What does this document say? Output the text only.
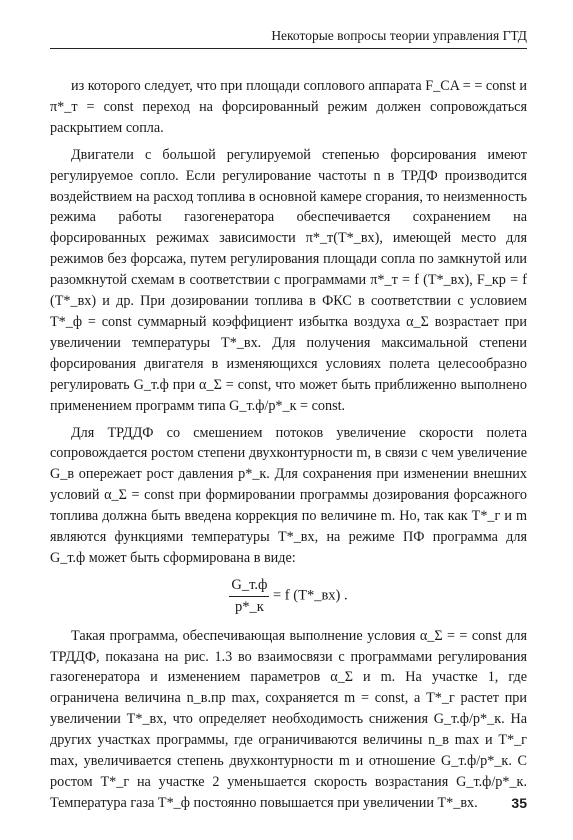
Некоторые вопросы теории управления ГТД

из которого следует, что при площади соплового аппарата F_CA = = const и π*_т = const переход на форсированный режим должен сопровождаться раскрытием сопла.

Двигатели с большой регулируемой степенью форсирования имеют регулируемое сопло. Если регулирование частоты n в ТРДФ производится воздействием на расход топлива в основной камере сгорания, то неизменность режима работы газогенератора обеспечивается сохранением на форсированных режимах зависимости π*_т(T*_вх), имеющей место для режимов без форсажа, путем регулирования площади сопла по замкнутой или разомкнутой схемам в соответствии с программами π*_т = f (T*_вх), F_кр = f (T*_вх) и др. При дозировании топлива в ФКС в соответствии с условием T*_ф = const суммарный коэффициент избытка воздуха α_Σ возрастает при увеличении температуры T*_вх. Для получения максимальной степени форсирования двигателя в изменяющихся условиях полета целесообразно регулировать G_т.ф при α_Σ = const, что может быть приближенно выполнено применением программ типа G_т.ф/p*_к = const.

Для ТРДДФ со смешением потоков увеличение скорости полета сопровождается ростом степени двухконтурности m, в связи с чем увеличение G_в опережает рост давления p*_к. Для сохранения при изменении внешних условий α_Σ = const при формировании программы дозирования форсажного топлива должна быть введена коррекция по величине m. Но, так как T*_г и m являются функциями температуры T*_вх, на режиме ПФ программа для G_т.ф может быть сформирована в виде:

$\frac{G\_т.ф}{p*\_к} = f$ (T*_вх) .

Такая программа, обеспечивающая выполнение условия α_Σ = = const для ТРДДФ, показана на рис. 1.3 во взаимосвязи с программами регулирования газогенератора и изменением параметров α_Σ и m. На участке 1, где ограничена величина n_в.пр max, сохраняется m = const, а T*_г растет при увеличении T*_вх, что определяет необходимость снижения G_т.ф/p*_к. На других участках программы, где ограничиваются величины n_в max и T*_г max, увеличивается степень двухконтурности m и отношение G_т.ф/p*_к. С ростом T*_г на участке 2 уменьшается скорость возрастания G_т.ф/p*_к. Температура газа T*_ф постоянно повышается при увеличении T*_вх.	35
